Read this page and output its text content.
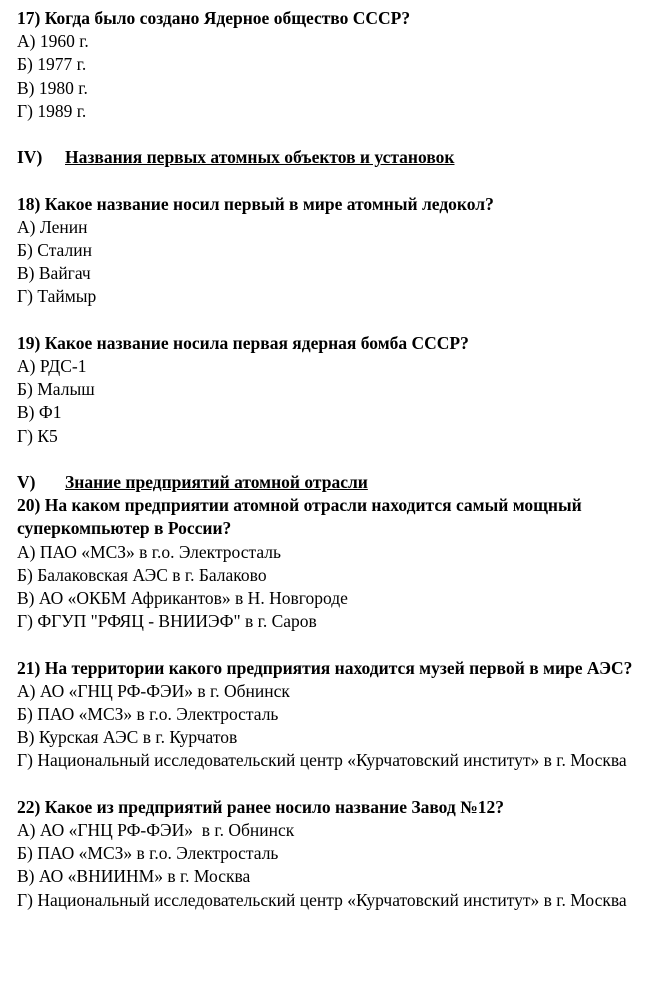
17) Когда было создано Ядерное общество СССР?
А) 1960 г.
Б) 1977 г.
В) 1980 г.
Г) 1989 г.
IV) Названия первых атомных объектов и установок
18) Какое название носил первый в мире атомный ледокол?
А) Ленин
Б) Сталин
В) Вайгач
Г) Таймыр
19) Какое название носила первая ядерная бомба СССР?
А) РДС-1
Б) Малыш
В) Ф1
Г) К5
V) Знание предприятий атомной отрасли
20) На каком предприятии атомной отрасли находится самый мощный суперкомпьютер в России?
А) ПАО «МСЗ» в г.о. Электросталь
Б) Балаковская АЭС в г. Балаково
В) АО «ОКБМ Африкантов» в Н. Новгороде
Г) ФГУП "РФЯЦ - ВНИИЭФ" в г. Саров
21) На территории какого предприятия находится музей первой в мире АЭС?
А) АО «ГНЦ РФ-ФЭИ» в г. Обнинск
Б) ПАО «МСЗ» в г.о. Электросталь
В) Курская АЭС в г. Курчатов
Г) Национальный исследовательский центр «Курчатовский институт» в г. Москва
22) Какое из предприятий ранее носило название Завод №12?
А) АО «ГНЦ РФ-ФЭИ»  в г. Обнинск
Б) ПАО «МСЗ» в г.о. Электросталь
В) АО «ВНИИНМ» в г. Москва
Г) Национальный исследовательский центр «Курчатовский институт» в г. Москва
